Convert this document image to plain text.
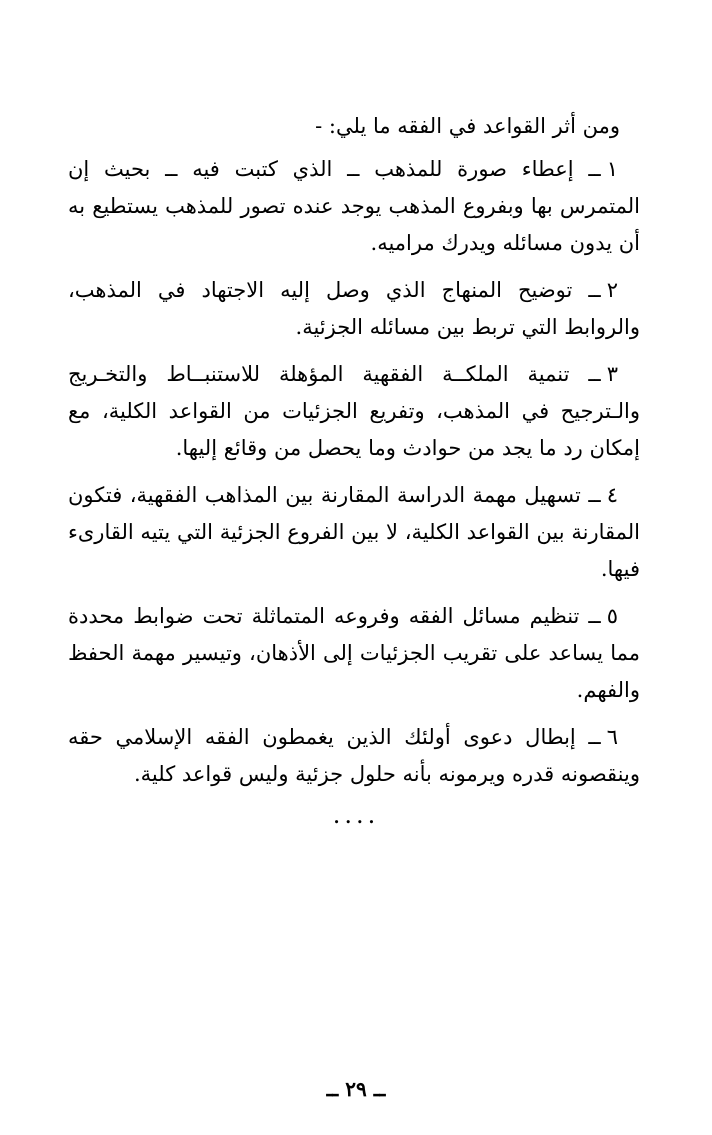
ومن أثر القواعد في الفقه ما يلي: -

١ــ إعطاء صورة للمذهب ــ الذي كتبت فيه ــ بحيث إن المتمرس بها وبفروع المذهب يوجد عنده تصور للمذهب يستطيع به أن يدون مسائله ويدرك مراميه.

٢ــ توضيح المنهاج الذي وصل إليه الاجتهاد في المذهب، والروابط التي تربط بين مسائله الجزئية.

٣ــ تنمية الملكــة الفقهية المؤهلة للاستنبــاط والتخـريج والـترجيح في المذهب، وتفريع الجزئيات من القواعد الكلية، مع إمكان رد ما يجد من حوادث وما يحصل من وقائع إليها.

٤ــ تسهيل مهمة الدراسة المقارنة بين المذاهب الفقهية، فتكون المقارنة بين القواعد الكلية، لا بين الفروع الجزئية التي يتيه القارىء فيها.

٥ــ تنظيم مسائل الفقه وفروعه المتماثلة تحت ضوابط محددة مما يساعد على تقريب الجزئيات إلى الأذهان، وتيسير مهمة الحفظ والفهم.

٦ــ إبطال دعوى أولئك الذين يغمطون الفقه الإسلامي حقه وينقصونه قدره ويرمونه بأنه حلول جزئية وليس قواعد كلية.

....
ــ ٢٩ ــ
